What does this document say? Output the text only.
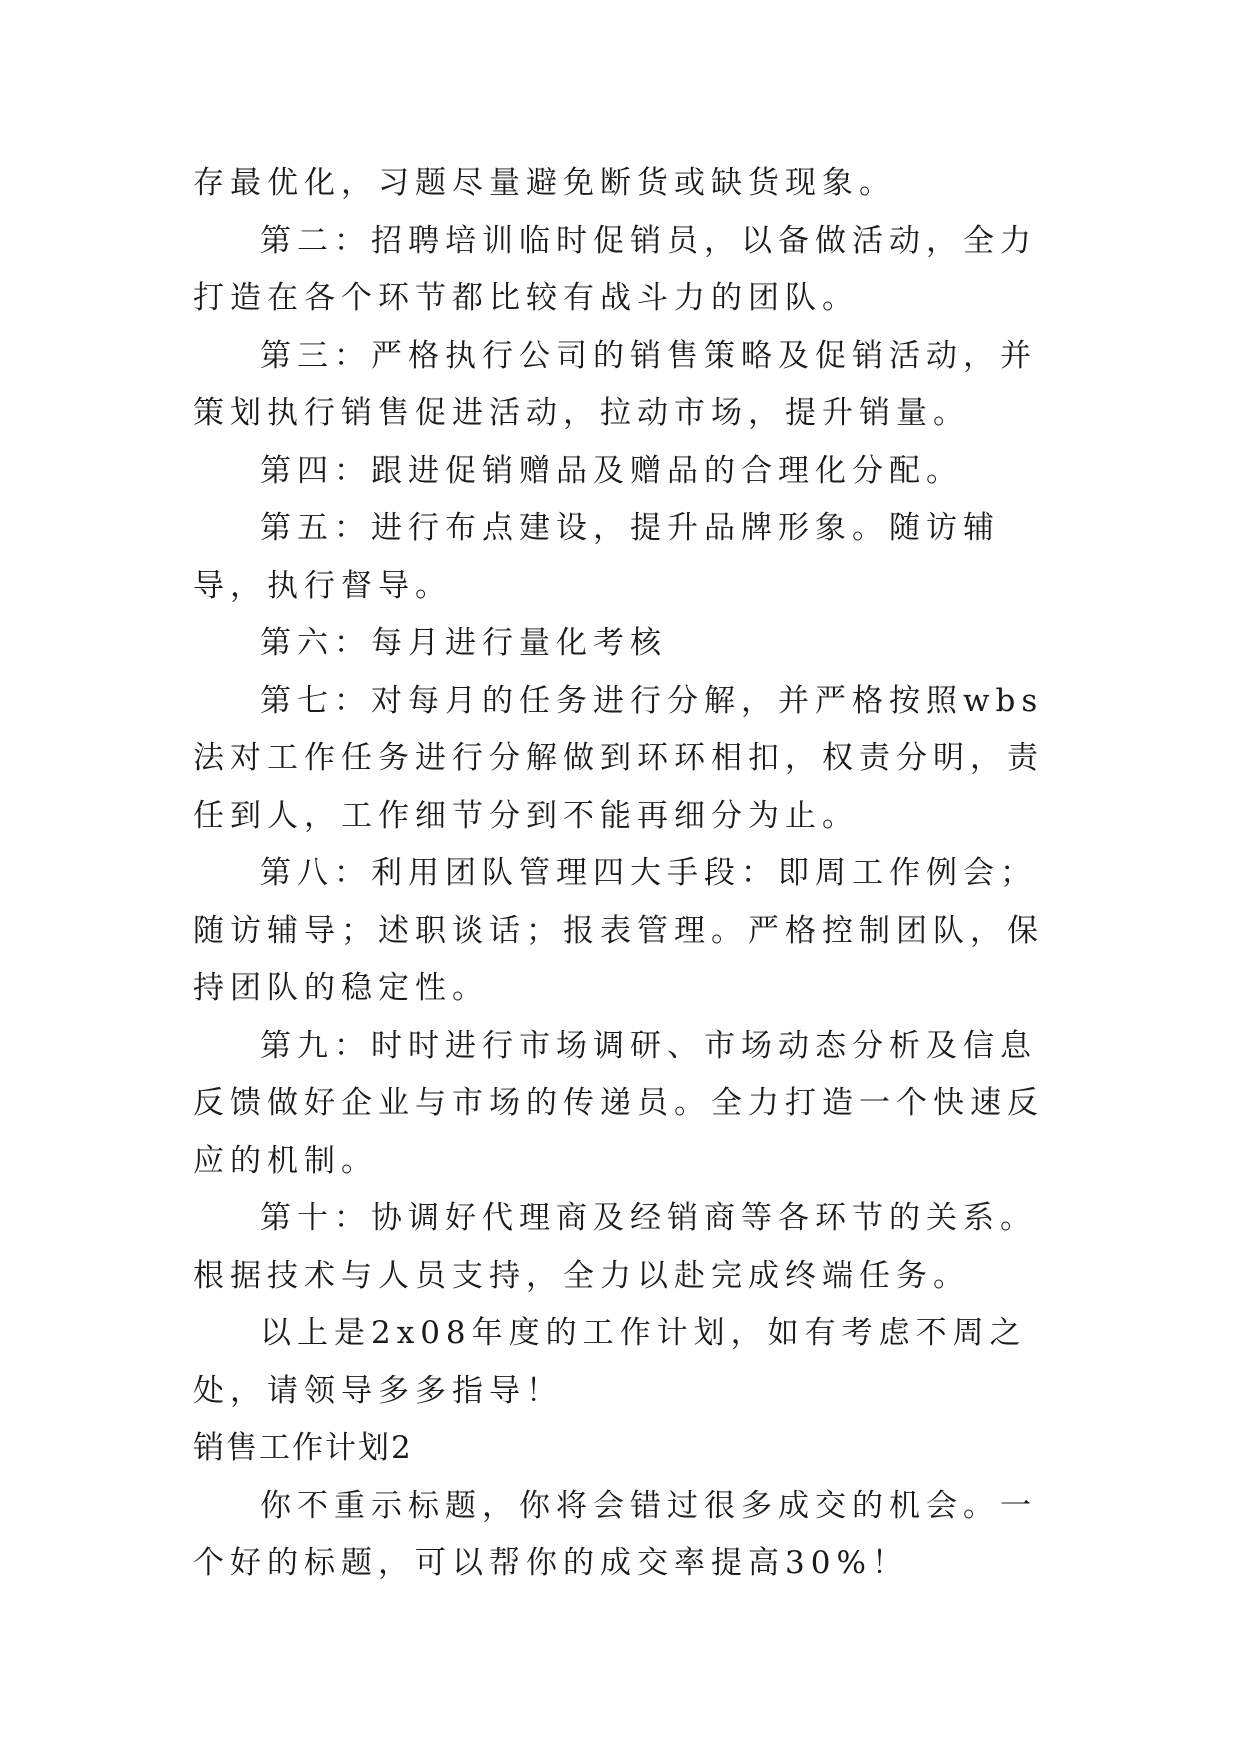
存最优化，习题尽量避免断货或缺货现象。

第二：招聘培训临时促销员，以备做活动，全力打造在各个环节都比较有战斗力的团队。

第三：严格执行公司的销售策略及促销活动，并策划执行销售促进活动，拉动市场，提升销量。

第四：跟进促销赠品及赠品的合理化分配。

第五：进行布点建设，提升品牌形象。随访辅导，执行督导。

第六：每月进行量化考核

第七：对每月的任务进行分解，并严格按照wbs法对工作任务进行分解做到环环相扣，权责分明，责任到人，工作细节分到不能再细分为止。

第八：利用团队管理四大手段：即周工作例会；随访辅导；述职谈话；报表管理。严格控制团队，保持团队的稳定性。

第九：时时进行市场调研、市场动态分析及信息反馈做好企业与市场的传递员。全力打造一个快速反应的机制。

第十：协调好代理商及经销商等各环节的关系。根据技术与人员支持，全力以赴完成终端任务。

以上是2x08年度的工作计划，如有考虑不周之处，请领导多多指导！

销售工作计划2

你不重示标题，你将会错过很多成交的机会。一个好的标题，可以帮你的成交率提高30%！
